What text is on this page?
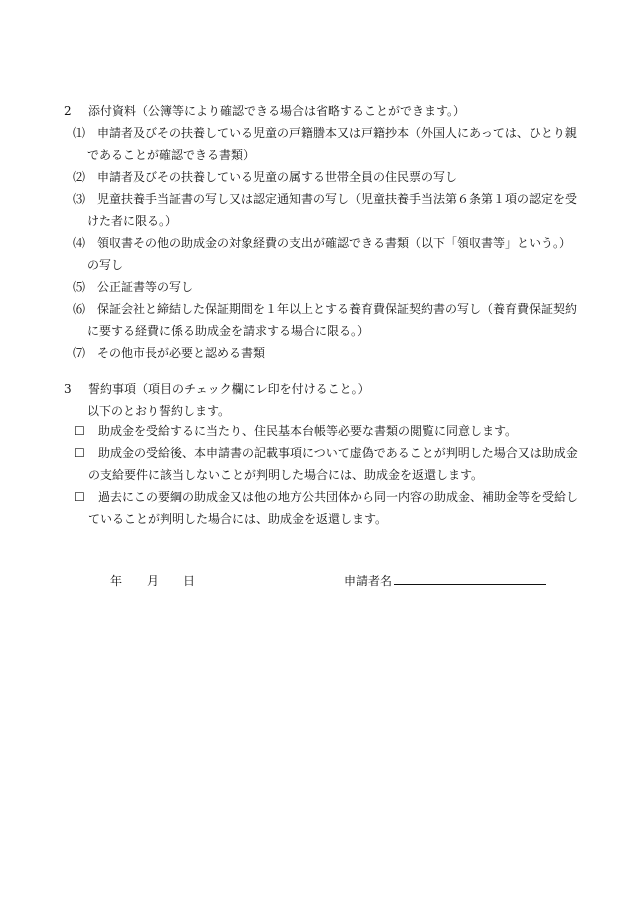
2 添付資料（公簿等により確認できる場合は省略することができます。）
⑴ 申請者及びその扶養している児童の戸籍謄本又は戸籍抄本（外国人にあっては、ひとり親
であることが確認できる書類）
⑵ 申請者及びその扶養している児童の属する世帯全員の住民票の写し
⑶ 児童扶養手当証書の写し又は認定通知書の写し（児童扶養手当法第６条第１項の認定を受
けた者に限る。）
⑷ 領収書その他の助成金の対象経費の支出が確認できる書類（以下「領収書等」という。）
の写し
⑸ 公正証書等の写し
⑹ 保証会社と締結した保証期間を１年以上とする養育費保証契約書の写し（養育費保証契約
に要する経費に係る助成金を請求する場合に限る。）
⑺ その他市長が必要と認める書類
3 誓約事項（項目のチェック欄にレ印を付けること。）
以下のとおり誓約します。
☐ 助成金を受給するに当たり、住民基本台帳等必要な書類の閲覧に同意します。
☐ 助成金の受給後、本申請書の記載事項について虚偽であることが判明した場合又は助成金
の支給要件に該当しないことが判明した場合には、助成金を返還します。
☐ 過去にこの要綱の助成金又は他の地方公共団体から同一内容の助成金、補助金等を受給し
ていることが判明した場合には、助成金を返還します。
年 月 日	申請者名
